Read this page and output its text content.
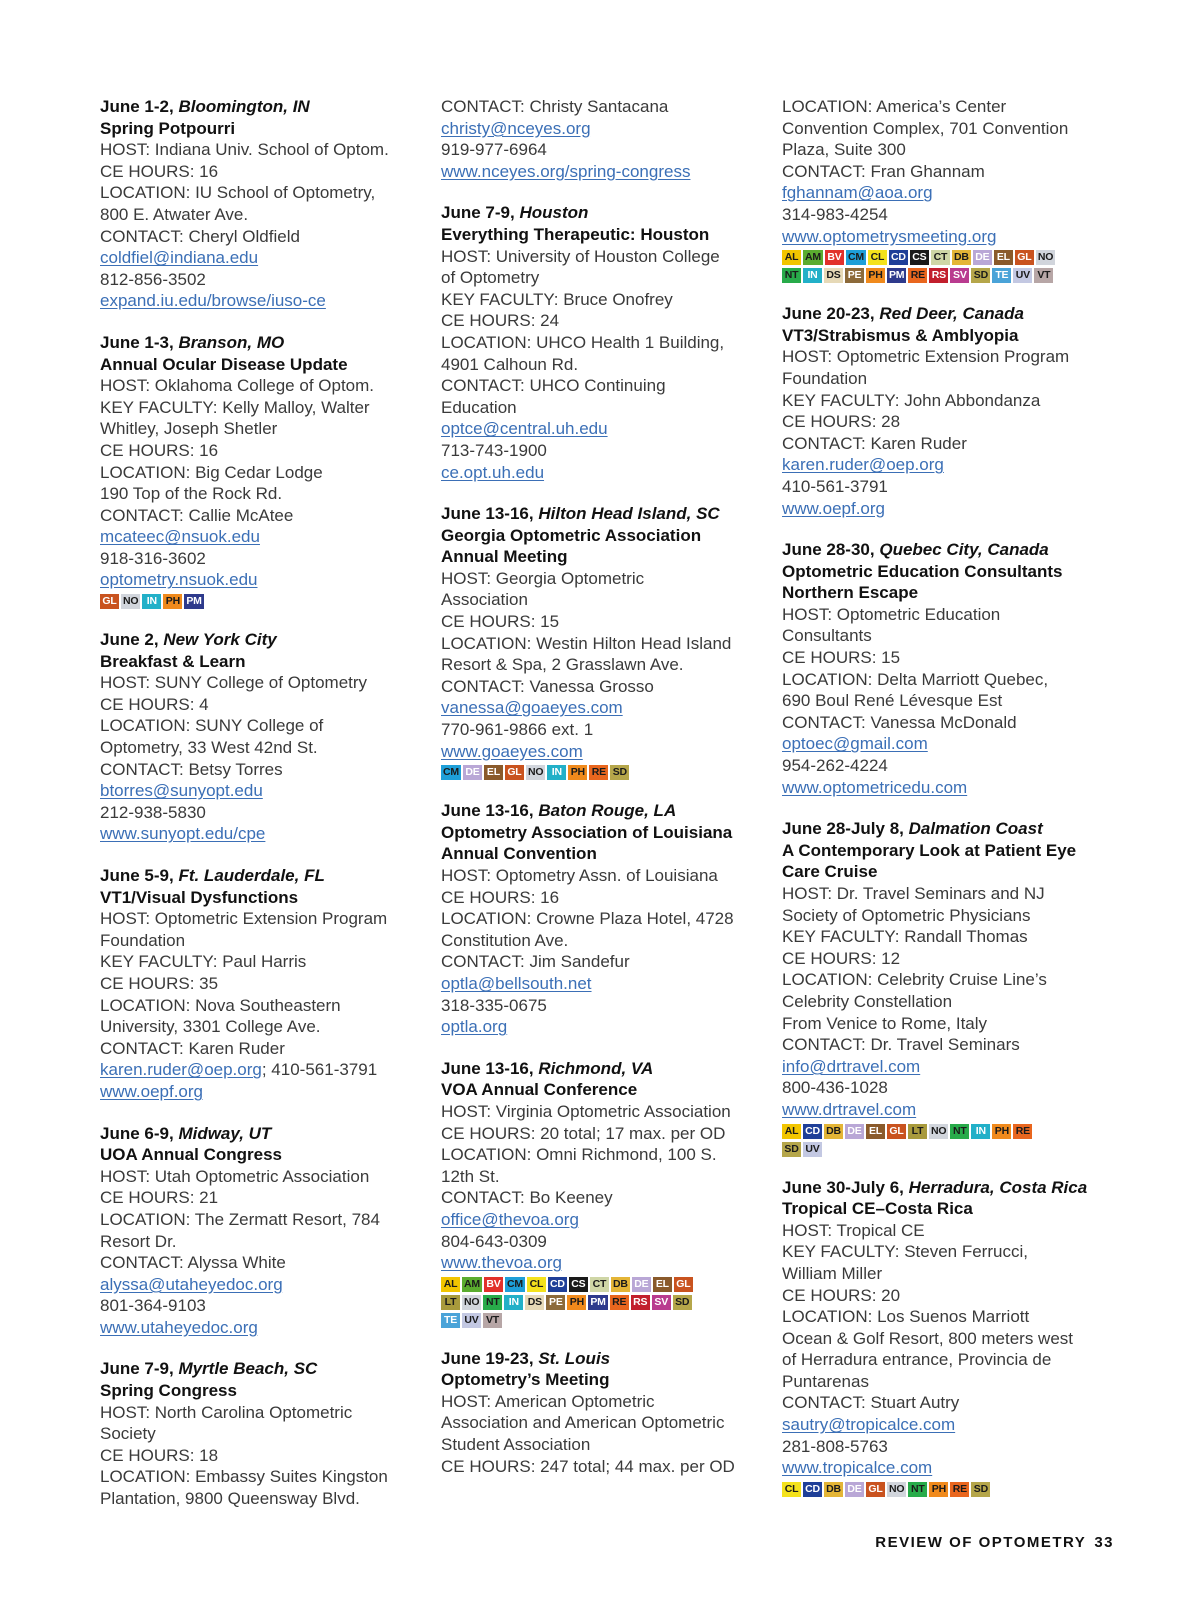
June 1-2, Bloomington, IN
Spring Potpourri
HOST: Indiana Univ. School of Optom.
CE HOURS: 16
LOCATION: IU School of Optometry,
800 E. Atwater Ave.
CONTACT: Cheryl Oldfield
coldfiel@indiana.edu
812-856-3502
expand.iu.edu/browse/iuso-ce
June 1-3, Branson, MO
Annual Ocular Disease Update
HOST: Oklahoma College of Optom.
KEY FACULTY: Kelly Malloy, Walter
Whitley, Joseph Shetler
CE HOURS: 16
LOCATION: Big Cedar Lodge
190 Top of the Rock Rd.
CONTACT: Callie McAtee
mcateec@nsuok.edu
918-316-3602
optometry.nsuok.edu
GL NO IN PH PM
June 2, New York City
Breakfast & Learn
HOST: SUNY College of Optometry
CE HOURS: 4
LOCATION: SUNY College of
Optometry, 33 West 42nd St.
CONTACT: Betsy Torres
btorres@sunyopt.edu
212-938-5830
www.sunyopt.edu/cpe
June 5-9, Ft. Lauderdale, FL
VT1/Visual Dysfunctions
HOST: Optometric Extension Program
Foundation
KEY FACULTY: Paul Harris
CE HOURS: 35
LOCATION: Nova Southeastern
University, 3301 College Ave.
CONTACT: Karen Ruder
karen.ruder@oep.org; 410-561-3791
www.oepf.org
June 6-9, Midway, UT
UOA Annual Congress
HOST: Utah Optometric Association
CE HOURS: 21
LOCATION: The Zermatt Resort, 784
Resort Dr.
CONTACT: Alyssa White
alyssa@utaheyedoc.org
801-364-9103
www.utaheyedoc.org
June 7-9, Myrtle Beach, SC
Spring Congress
HOST: North Carolina Optometric
Society
CE HOURS: 18
LOCATION: Embassy Suites Kingston
Plantation, 9800 Queensway Blvd.
CONTACT: Christy Santacana
christy@nceyes.org
919-977-6964
www.nceyes.org/spring-congress
June 7-9, Houston
Everything Therapeutic: Houston
HOST: University of Houston College
of Optometry
KEY FACULTY: Bruce Onofrey
CE HOURS: 24
LOCATION: UHCO Health 1 Building,
4901 Calhoun Rd.
CONTACT: UHCO Continuing
Education
optce@central.uh.edu
713-743-1900
ce.opt.uh.edu
June 13-16, Hilton Head Island, SC
Georgia Optometric Association
Annual Meeting
HOST: Georgia Optometric
Association
CE HOURS: 15
LOCATION: Westin Hilton Head Island
Resort & Spa, 2 Grasslawn Ave.
CONTACT: Vanessa Grosso
vanessa@goaeyes.com
770-961-9866 ext. 1
www.goaeyes.com
CM DE EL GL NO IN PH RE SD
June 13-16, Baton Rouge, LA
Optometry Association of Louisiana
Annual Convention
HOST: Optometry Assn. of Louisiana
CE HOURS: 16
LOCATION: Crowne Plaza Hotel, 4728
Constitution Ave.
CONTACT: Jim Sandefur
optla@bellsouth.net
318-335-0675
optla.org
June 13-16, Richmond, VA
VOA Annual Conference
HOST: Virginia Optometric Association
CE HOURS: 20 total; 17 max. per OD
LOCATION: Omni Richmond, 100 S.
12th St.
CONTACT: Bo Keeney
office@thevoa.org
804-643-0309
www.thevoa.org
AL AM BV CM CL CD CS CT DB DE EL GL
LT NO NT IN DS PE PH PM RE RS SV SD
TE UV VT
June 19-23, St. Louis
Optometry’s Meeting
HOST: American Optometric
Association and American Optometric
Student Association
CE HOURS: 247 total; 44 max. per OD
LOCATION: America’s Center
Convention Complex, 701 Convention
Plaza, Suite 300
CONTACT: Fran Ghannam
fghannam@aoa.org
314-983-4254
www.optometrysmeeting.org
AL AM BV CM CL CD CS CT DB DE EL GL NO
NT IN DS PE PH PM RE RS SV SD TE UV VT
June 20-23, Red Deer, Canada
VT3/Strabismus & Amblyopia
HOST: Optometric Extension Program
Foundation
KEY FACULTY: John Abbondanza
CE HOURS: 28
CONTACT: Karen Ruder
karen.ruder@oep.org
410-561-3791
www.oepf.org
June 28-30, Quebec City, Canada
Optometric Education Consultants
Northern Escape
HOST: Optometric Education
Consultants
CE HOURS: 15
LOCATION: Delta Marriott Quebec,
690 Boul René Lévesque Est
CONTACT: Vanessa McDonald
optoec@gmail.com
954-262-4224
www.optometricedu.com
June 28-July 8, Dalmation Coast
A Contemporary Look at Patient Eye
Care Cruise
HOST: Dr. Travel Seminars and NJ
Society of Optometric Physicians
KEY FACULTY: Randall Thomas
CE HOURS: 12
LOCATION: Celebrity Cruise Line’s
Celebrity Constellation
From Venice to Rome, Italy
CONTACT: Dr. Travel Seminars
info@drtravel.com
800-436-1028
www.drtravel.com
AL CD DB DE EL GL LT NO NT IN PH RE
SD UV
June 30-July 6, Herradura, Costa Rica
Tropical CE–Costa Rica
HOST: Tropical CE
KEY FACULTY: Steven Ferrucci,
William Miller
CE HOURS: 20
LOCATION: Los Suenos Marriott
Ocean & Golf Resort, 800 meters west
of Herradura entrance, Provincia de
Puntarenas
CONTACT: Stuart Autry
sautry@tropicalce.com
281-808-5763
www.tropicalce.com
CL CD DB DE GL NO NT PH RE SD
REVIEW OF OPTOMETRY 33
